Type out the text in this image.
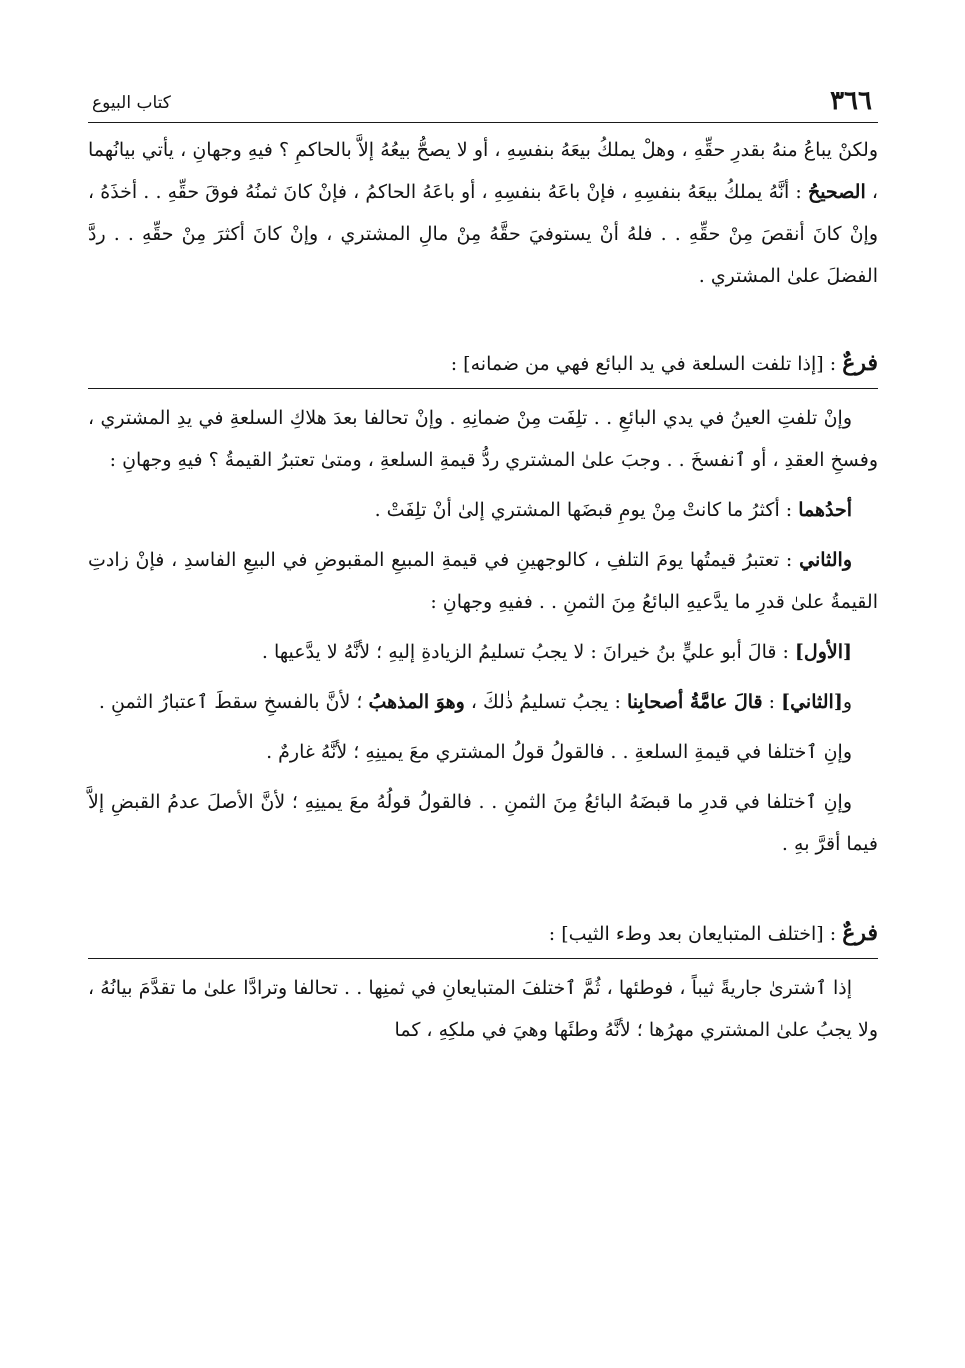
٣٦٦
كتاب البيوع

ولكنْ يباعُ منهُ بقدرِ حقِّهِ ، وهلْ يملكُ بيعَهُ بنفسِهِ ، أو لا يصحُّ بيعُهُ إلاَّ بالحاكمِ ؟ فيهِ وجهانِ ، يأتي بيانُهما ، الصحيحُ : أنَّهُ يملكُ بيعَهُ بنفسِهِ ، فإنْ باعَهُ بنفسِهِ ، أو باعَهُ الحاكمُ ، فإنْ كانَ ثمنُهُ فوقَ حقِّهِ . . أخذَهُ ، وإنْ كانَ أنقصَ مِنْ حقِّهِ . . فلهُ أنْ يستوفيَ حقَّهُ مِنْ مالِ المشتري ، وإنْ كانَ أكثرَ مِنْ حقِّهِ . . ردَّ الفضلَ علىٰ المشتري .

فرعٌ : [إذا تلفت السلعة في يد البائع فهي من ضمانه] :

وإنْ تلفتِ العينُ في يدي البائعِ . . تلِفَت مِنْ ضمانِهِ . وإنْ تحالفا بعدَ هلاكِ السلعةِ في يدِ المشتري ، وفسخِ العقدِ ، أو ٱنفسخَ . . وجبَ علىٰ المشتري ردُّ قيمةِ السلعةِ ، ومتىٰ تعتبرُ القيمةُ ؟ فيهِ وجهانِ :

أحدُهما : أكثرُ ما كانتْ مِنْ يومِ قبضَها المشتري إلىٰ أنْ تلِفَتْ .

والثاني : تعتبرُ قيمتُها يومَ التلفِ ، كالوجهينِ في قيمةِ المبيعِ المقبوضِ في البيعِ الفاسدِ ، فإنْ زادتِ القيمةُ علىٰ قدرِ ما يدَّعيهِ البائعُ مِنَ الثمنِ . . ففيهِ وجهانِ :

[الأول] : قالَ أبو عليٍّ بنُ خيرانَ : لا يجبُ تسليمُ الزيادةِ إليهِ ؛ لأنَّهُ لا يدَّعيها .

و[الثاني] : قالَ عامَّةُ أصحابِنا : يجبُ تسليمُ ذٰلكَ ، وهوَ المذهبُ ؛ لأنَّ بالفسخِ سقطَ ٱعتبارُ الثمنِ .

وإنِ ٱختلفا في قيمةِ السلعةِ . . فالقولُ قولُ المشتري معَ يمينِهِ ؛ لأنَّهُ غارمٌ .

وإنِ ٱختلفا في قدرِ ما قبضَهُ البائعُ مِنَ الثمنِ . . فالقولُ قولُهُ معَ يمينِهِ ؛ لأنَّ الأصلَ عدمُ القبضِ إلاَّ فيما أقرَّ بهِ .

فرعٌ : [اختلف المتبايعان بعد وطء الثيب] :

إذا ٱشترىٰ جاريةً ثيباً ، فوطئها ، ثُمَّ ٱختلفَ المتبايعانِ في ثمنِها . . تحالفا وترادَّا علىٰ ما تقدَّمَ بيانُهُ ، ولا يجبُ علىٰ المشتري مهرُها ؛ لأنَّهُ وطئَها وهيَ في ملكِهِ ، كما
